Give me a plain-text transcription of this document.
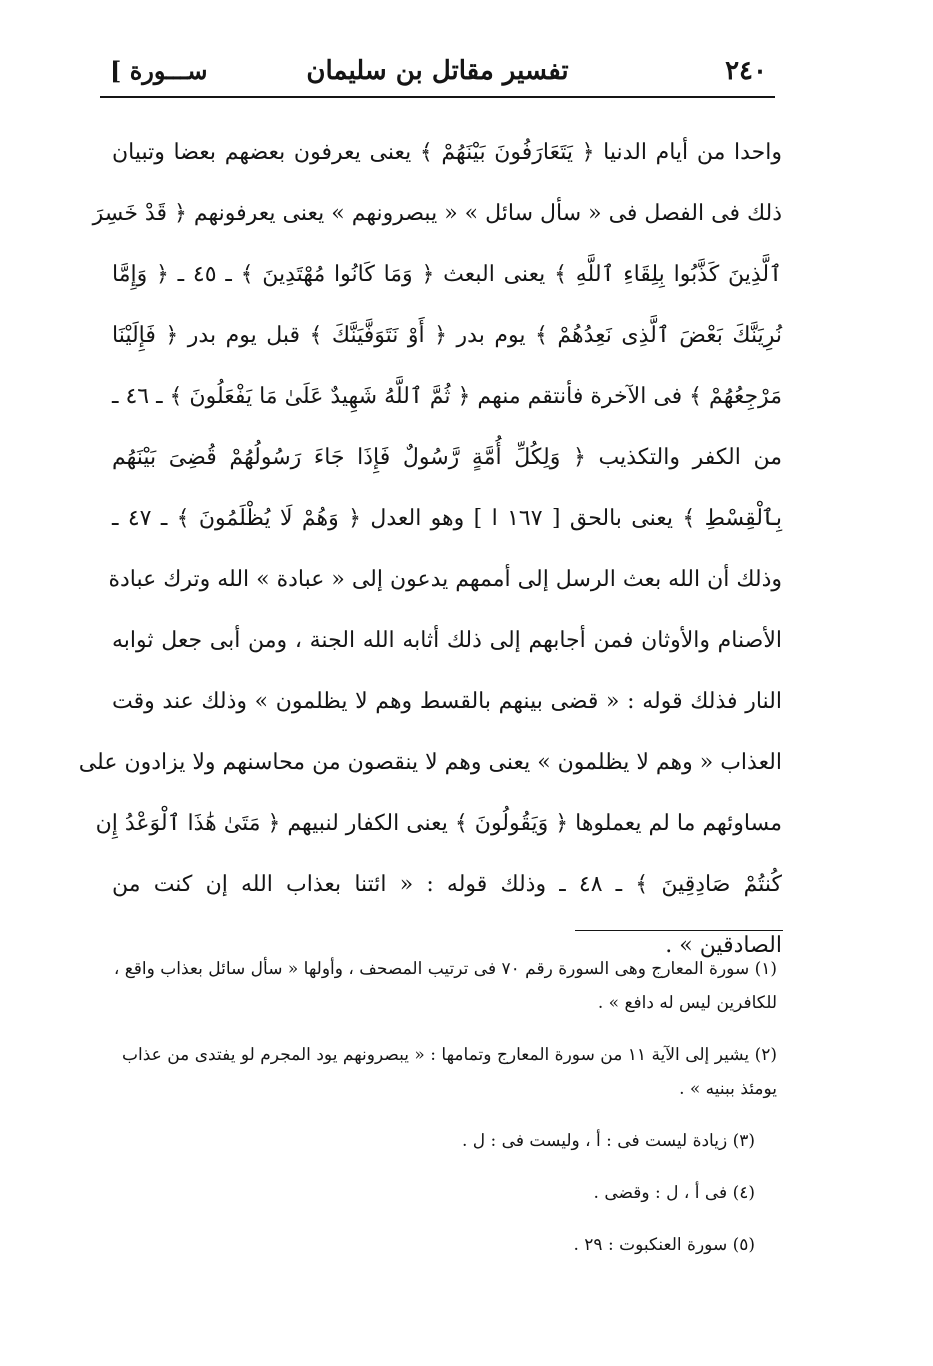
٢٤٠
تفسير مقاتل بن سليمان
[ ســـورة
واحدا من أيام الدنيا ﴿ يَتَعَارَفُونَ بَيْنَهُمْ ﴾ يعنى يعرفون بعضهم بعضا وتبيان
ذلك فى الفصل فى « سأل سائل » « يبصرونهم » يعنى يعرفونهم ﴿ قَدْ خَسِرَ
ٱلَّذِينَ كَذَّبُوا بِلِقَاءِ ٱللَّهِ ﴾ يعنى البعث ﴿ وَمَا كَانُوا مُهْتَدِينَ ﴾ ـ ٤٥ ـ ﴿ وَإِمَّا
نُرِيَنَّكَ بَعْضَ ٱلَّذِى نَعِدُهُمْ ﴾ يوم بدر ﴿ أَوْ نَتَوَفَّيَنَّكَ ﴾ قبل يوم بدر ﴿ فَإِلَيْنَا
مَرْجِعُهُمْ ﴾ فى الآخرة فأنتقم منهم ﴿ ثُمَّ ٱللَّهُ شَهِيدٌ عَلَىٰ مَا يَفْعَلُونَ ﴾ ـ ٤٦ ـ
من الكفر والتكذيب ﴿ وَلِكُلِّ أُمَّةٍ رَّسُولٌ فَإِذَا جَاءَ رَسُولُهُمْ قُضِىَ بَيْنَهُم
بِٱلْقِسْطِ ﴾ يعنى بالحق [ ١٦٧ ا ] وهو العدل ﴿ وَهُمْ لَا يُظْلَمُونَ ﴾ ـ ٤٧ ـ
وذلك أن الله بعث الرسل إلى أممهم يدعون إلى « عبادة » الله وترك عبادة
الأصنام والأوثان فمن أجابهم إلى ذلك أثابه الله الجنة ، ومن أبى جعل ثوابه
النار فذلك قوله : « قضى بينهم بالقسط وهم لا يظلمون » وذلك عند وقت
العذاب « وهم لا يظلمون » يعنى وهم لا ينقصون من محاسنهم ولا يزادون على
مساوئهم ما لم يعملوها ﴿ وَيَقُولُونَ ﴾ يعنى الكفار لنبيهم ﴿ مَتَىٰ هَٰذَا ٱلْوَعْدُ إِن
كُنتُمْ صَادِقِينَ ﴾ ـ ٤٨ ـ وذلك قوله : « ائتنا بعذاب الله إن كنت من
الصادقين » .
(١) سورة المعارج وهى السورة رقم ٧٠ فى ترتيب المصحف ، وأولها « سأل سائل بعذاب واقع ،
للكافرين ليس له دافع » .
(٢) يشير إلى الآية ١١ من سورة المعارج وتمامها : « يبصرونهم يود المجرم لو يفتدى من عذاب
يومئذ ببنيه » .
(٣) زيادة ليست فى : أ ، وليست فى : ل .
(٤) فى أ ، ل : وقضى .
(٥) سورة العنكبوت : ٢٩ .
